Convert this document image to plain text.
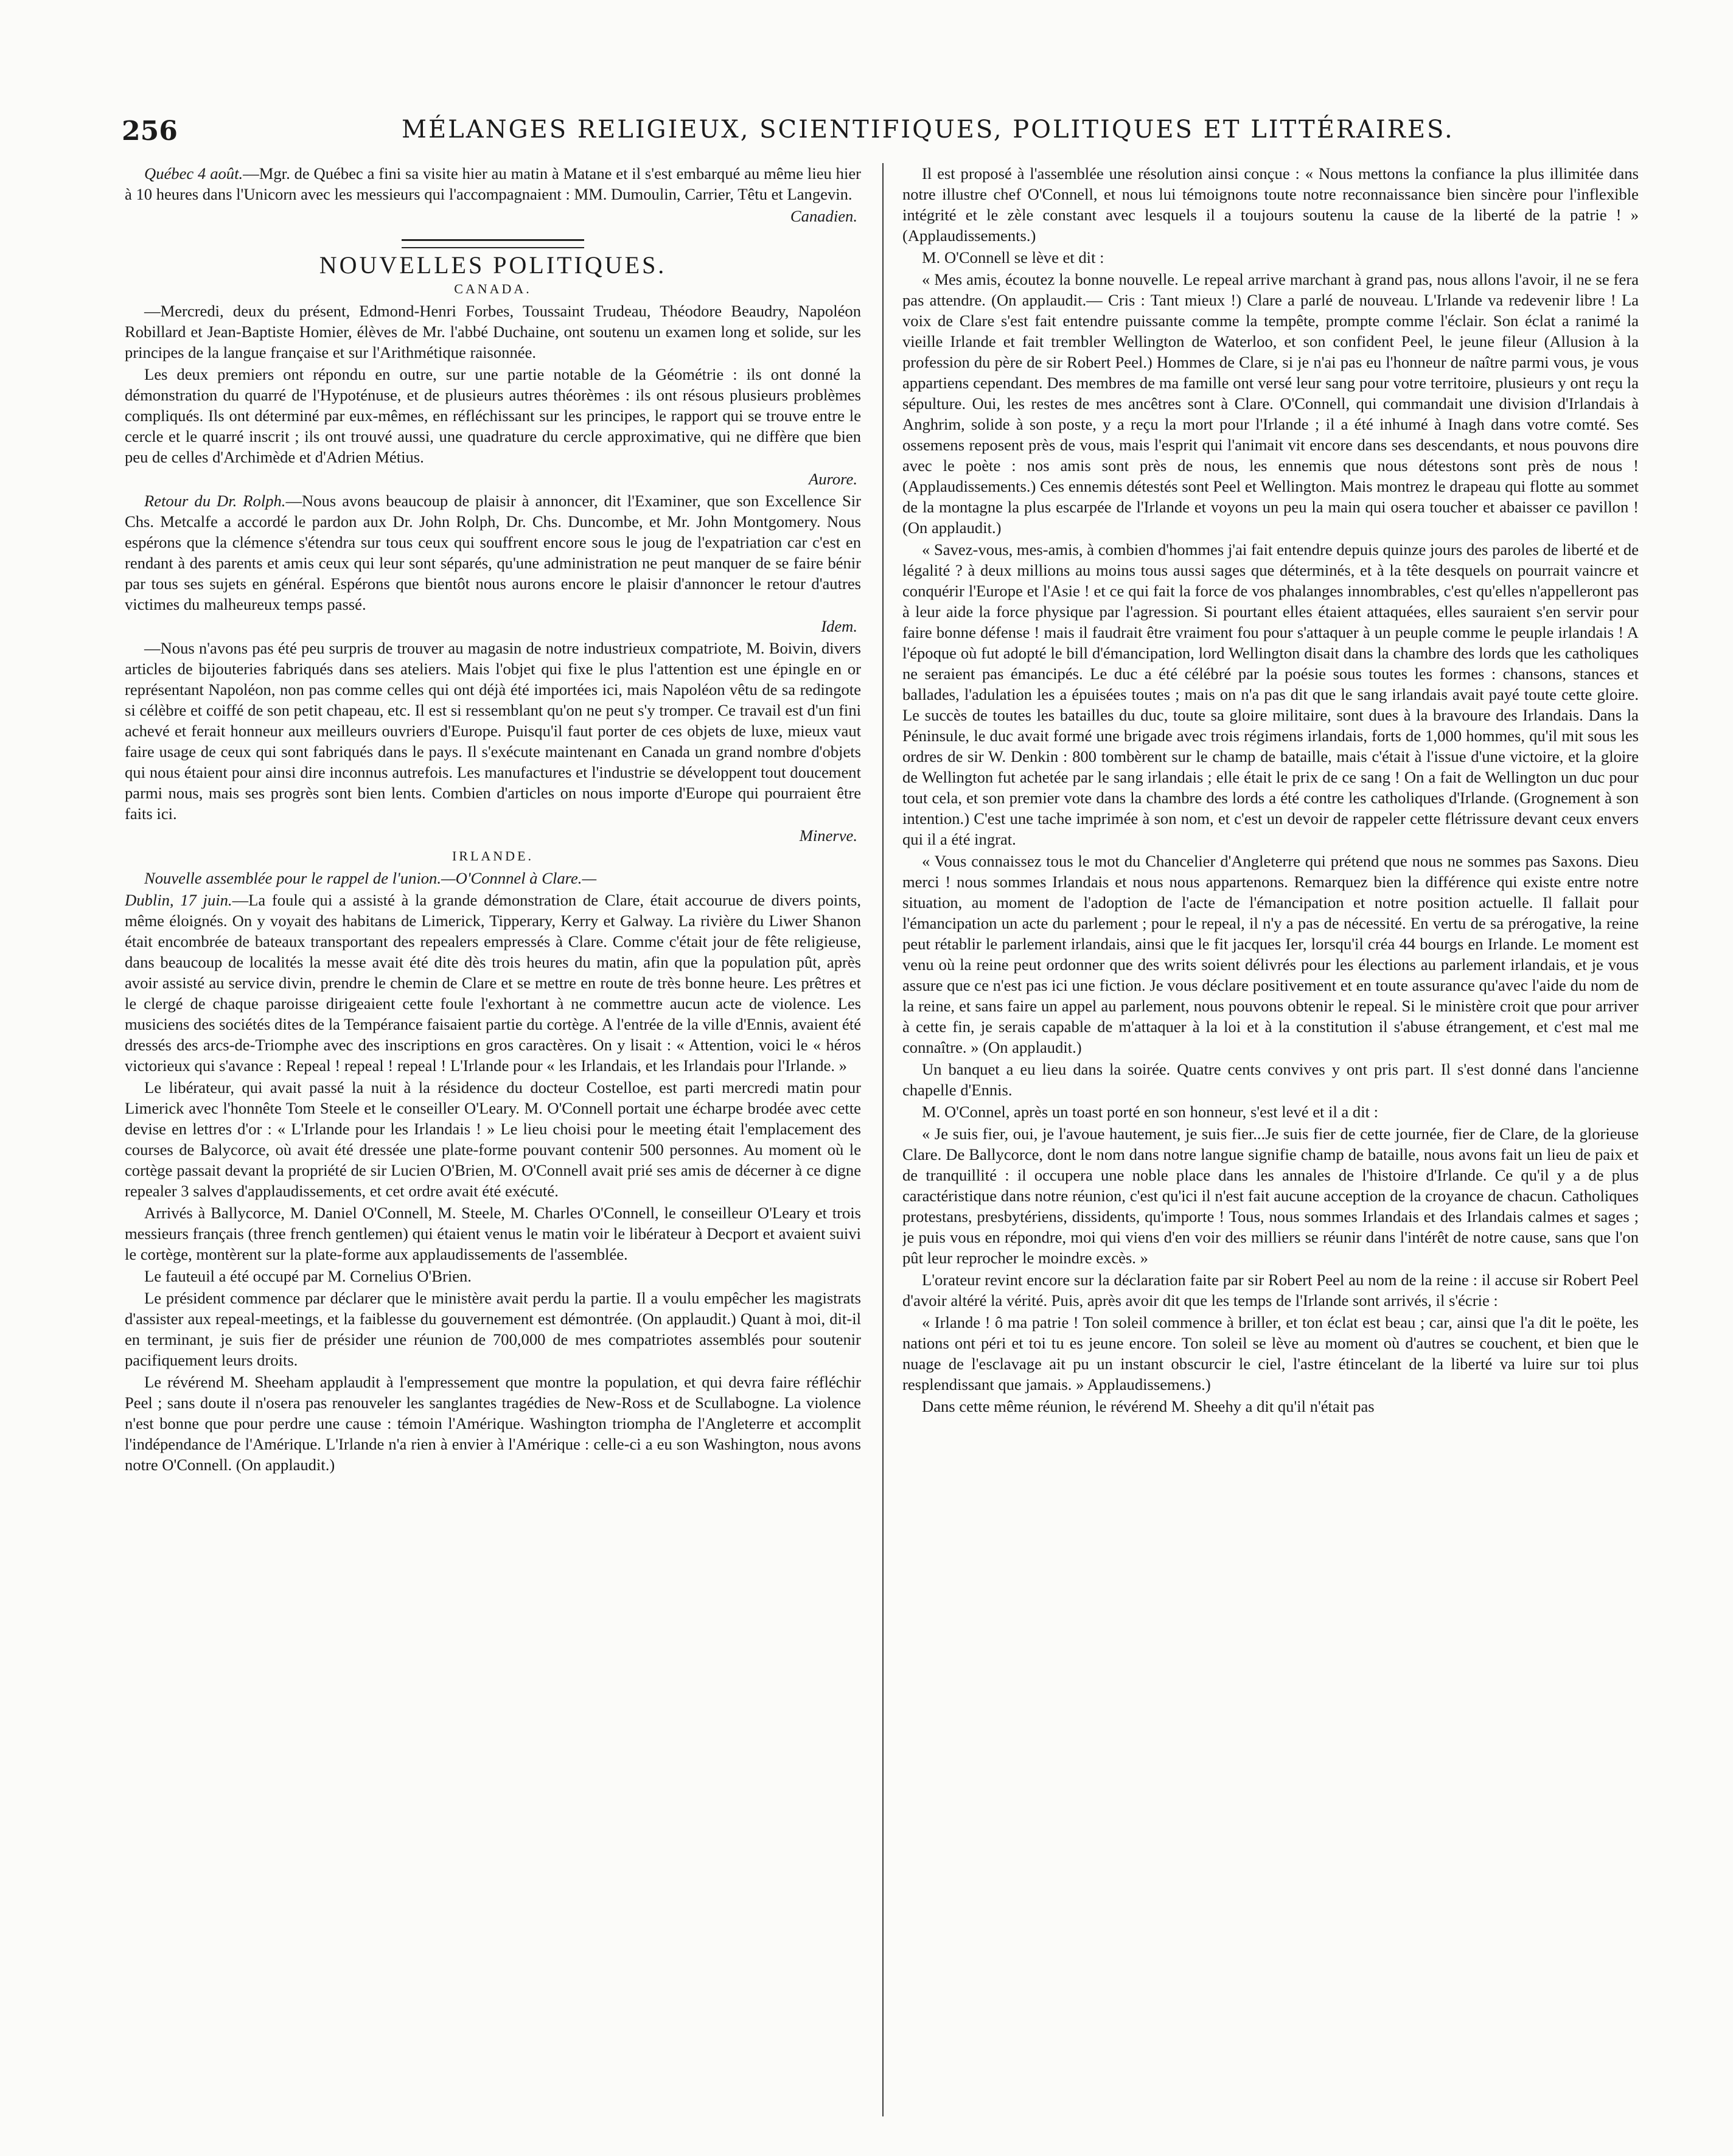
256	MÉLANGES RELIGIEUX, SCIENTIFIQUES, POLITIQUES ET LITTÉRAIRES.

Québec 4 août.—Mgr. de Québec a fini sa visite hier au matin à Matane et il s'est embarqué au même lieu hier à 10 heures dans l'Unicorn avec les messieurs qui l'accompagnaient : MM. Dumoulin, Carrier, Têtu et Langevin.

Canadien.
NOUVELLES POLITIQUES.
CANADA.

—Mercredi, deux du présent, Edmond-Henri Forbes, Toussaint Trudeau, Théodore Beaudry, Napoléon Robillard et Jean-Baptiste Homier, élèves de Mr. l'abbé Duchaine, ont soutenu un examen long et solide, sur les principes de la langue française et sur l'Arithmétique raisonnée.

Les deux premiers ont répondu en outre, sur une partie notable de la Géométrie : ils ont donné la démonstration du quarré de l'Hypoténuse, et de plusieurs autres théorèmes : ils ont résous plusieurs problèmes compliqués. Ils ont déterminé par eux-mêmes, en réfléchissant sur les principes, le rapport qui se trouve entre le cercle et le quarré inscrit ; ils ont trouvé aussi, une quadrature du cercle approximative, qui ne diffère que bien peu de celles d'Archimède et d'Adrien Métius.

Aurore.

Retour du Dr. Rolph.—Nous avons beaucoup de plaisir à annoncer, dit l'Examiner, que son Excellence Sir Chs. Metcalfe a accordé le pardon aux Dr. John Rolph, Dr. Chs. Duncombe, et Mr. John Montgomery. Nous espérons que la clémence s'étendra sur tous ceux qui souffrent encore sous le joug de l'expatriation car c'est en rendant à des parents et amis ceux qui leur sont séparés, qu'une administration ne peut manquer de se faire bénir par tous ses sujets en général. Espérons que bientôt nous aurons encore le plaisir d'annoncer le retour d'autres victimes du malheureux temps passé.

Idem.

—Nous n'avons pas été peu surpris de trouver au magasin de notre industrieux compatriote, M. Boivin, divers articles de bijouteries fabriqués dans ses ateliers. Mais l'objet qui fixe le plus l'attention est une épingle en or représentant Napoléon, non pas comme celles qui ont déjà été importées ici, mais Napoléon vêtu de sa redingote si célèbre et coiffé de son petit chapeau, etc. Il est si ressemblant qu'on ne peut s'y tromper. Ce travail est d'un fini achevé et ferait honneur aux meilleurs ouvriers d'Europe. Puisqu'il faut porter de ces objets de luxe, mieux vaut faire usage de ceux qui sont fabriqués dans le pays. Il s'exécute maintenant en Canada un grand nombre d'objets qui nous étaient pour ainsi dire inconnus autrefois. Les manufactures et l'industrie se développent tout doucement parmi nous, mais ses progrès sont bien lents. Combien d'articles on nous importe d'Europe qui pourraient être faits ici.

Minerve.
IRLANDE.

Nouvelle assemblée pour le rappel de l'union.—O'Connnel à Clare.—

Dublin, 17 juin.—La foule qui a assisté à la grande démonstration de Clare, était accourue de divers points, même éloignés. On y voyait des habitans de Limerick, Tipperary, Kerry et Galway. La rivière du Liwer Shanon était encombrée de bateaux transportant des repealers empressés à Clare. Comme c'était jour de fête religieuse, dans beaucoup de localités la messe avait été dite dès trois heures du matin, afin que la population pût, après avoir assisté au service divin, prendre le chemin de Clare et se mettre en route de très bonne heure. Les prêtres et le clergé de chaque paroisse dirigeaient cette foule l'exhortant à ne commettre aucun acte de violence. Les musiciens des sociétés dites de la Tempérance faisaient partie du cortège. A l'entrée de la ville d'Ennis, avaient été dressés des arcs-de-Triomphe avec des inscriptions en gros caractères. On y lisait : « Attention, voici le « héros victorieux qui s'avance : Repeal ! repeal ! repeal ! L'Irlande pour « les Irlandais, et les Irlandais pour l'Irlande. »

Le libérateur, qui avait passé la nuit à la résidence du docteur Costelloe, est parti mercredi matin pour Limerick avec l'honnête Tom Steele et le conseiller O'Leary. M. O'Connell portait une écharpe brodée avec cette devise en lettres d'or : « L'Irlande pour les Irlandais ! » Le lieu choisi pour le meeting était l'emplacement des courses de Balycorce, où avait été dressée une plate-forme pouvant contenir 500 personnes. Au moment où le cortège passait devant la propriété de sir Lucien O'Brien, M. O'Connell avait prié ses amis de décerner à ce digne repealer 3 salves d'applaudissements, et cet ordre avait été exécuté.

Arrivés à Ballycorce, M. Daniel O'Connell, M. Steele, M. Charles O'Connell, le conseilleur O'Leary et trois messieurs français (three french gentlemen) qui étaient venus le matin voir le libérateur à Decport et avaient suivi le cortège, montèrent sur la plate-forme aux applaudissements de l'assemblée.

Le fauteuil a été occupé par M. Cornelius O'Brien.

Le président commence par déclarer que le ministère avait perdu la partie. Il a voulu empêcher les magistrats d'assister aux repeal-meetings, et la faiblesse du gouvernement est démontrée. (On applaudit.) Quant à moi, dit-il en terminant, je suis fier de présider une réunion de 700,000 de mes compatriotes assemblés pour soutenir pacifiquement leurs droits.

Le révérend M. Sheeham applaudit à l'empressement que montre la population, et qui devra faire réfléchir Peel ; sans doute il n'osera pas renouveler les sanglantes tragédies de New-Ross et de Scullabogne. La violence n'est bonne que pour perdre une cause : témoin l'Amérique. Washington triompha de l'Angleterre et accomplit l'indépendance de l'Amérique. L'Irlande n'a rien à envier à l'Amérique : celle-ci a eu son Washington, nous avons notre O'Connell. (On applaudit.)

Il est proposé à l'assemblée une résolution ainsi conçue : « Nous mettons la confiance la plus illimitée dans notre illustre chef O'Connell, et nous lui témoignons toute notre reconnaissance bien sincère pour l'inflexible intégrité et le zèle constant avec lesquels il a toujours soutenu la cause de la liberté de la patrie ! » (Applaudissements.)

M. O'Connell se lève et dit :

« Mes amis, écoutez la bonne nouvelle. Le repeal arrive marchant à grand pas, nous allons l'avoir, il ne se fera pas attendre. (On applaudit.— Cris : Tant mieux !) Clare a parlé de nouveau. L'Irlande va redevenir libre ! La voix de Clare s'est fait entendre puissante comme la tempête, prompte comme l'éclair. Son éclat a ranimé la vieille Irlande et fait trembler Wellington de Waterloo, et son confident Peel, le jeune fileur (Allusion à la profession du père de sir Robert Peel.) Hommes de Clare, si je n'ai pas eu l'honneur de naître parmi vous, je vous appartiens cependant. Des membres de ma famille ont versé leur sang pour votre territoire, plusieurs y ont reçu la sépulture. Oui, les restes de mes ancêtres sont à Clare. O'Connell, qui commandait une division d'Irlandais à Anghrim, solide à son poste, y a reçu la mort pour l'Irlande ; il a été inhumé à Inagh dans votre comté. Ses ossemens reposent près de vous, mais l'esprit qui l'animait vit encore dans ses descendants, et nous pouvons dire avec le poète : nos amis sont près de nous, les ennemis que nous détestons sont près de nous ! (Applaudissements.) Ces ennemis détestés sont Peel et Wellington. Mais montrez le drapeau qui flotte au sommet de la montagne la plus escarpée de l'Irlande et voyons un peu la main qui osera toucher et abaisser ce pavillon ! (On applaudit.)

« Savez-vous, mes-amis, à combien d'hommes j'ai fait entendre depuis quinze jours des paroles de liberté et de légalité ? à deux millions au moins tous aussi sages que déterminés, et à la tête desquels on pourrait vaincre et conquérir l'Europe et l'Asie ! et ce qui fait la force de vos phalanges innombrables, c'est qu'elles n'appelleront pas à leur aide la force physique par l'agression. Si pourtant elles étaient attaquées, elles sauraient s'en servir pour faire bonne défense ! mais il faudrait être vraiment fou pour s'attaquer à un peuple comme le peuple irlandais ! A l'époque où fut adopté le bill d'émancipation, lord Wellington disait dans la chambre des lords que les catholiques ne seraient pas émancipés. Le duc a été célébré par la poésie sous toutes les formes : chansons, stances et ballades, l'adulation les a épuisées toutes ; mais on n'a pas dit que le sang irlandais avait payé toute cette gloire. Le succès de toutes les batailles du duc, toute sa gloire militaire, sont dues à la bravoure des Irlandais. Dans la Péninsule, le duc avait formé une brigade avec trois régimens irlandais, forts de 1,000 hommes, qu'il mit sous les ordres de sir W. Denkin : 800 tombèrent sur le champ de bataille, mais c'était à l'issue d'une victoire, et la gloire de Wellington fut achetée par le sang irlandais ; elle était le prix de ce sang ! On a fait de Wellington un duc pour tout cela, et son premier vote dans la chambre des lords a été contre les catholiques d'Irlande. (Grognement à son intention.) C'est une tache imprimée à son nom, et c'est un devoir de rappeler cette flétrissure devant ceux envers qui il a été ingrat.

« Vous connaissez tous le mot du Chancelier d'Angleterre qui prétend que nous ne sommes pas Saxons. Dieu merci ! nous sommes Irlandais et nous nous appartenons. Remarquez bien la différence qui existe entre notre situation, au moment de l'adoption de l'acte de l'émancipation et notre position actuelle. Il fallait pour l'émancipation un acte du parlement ; pour le repeal, il n'y a pas de nécessité. En vertu de sa prérogative, la reine peut rétablir le parlement irlandais, ainsi que le fit jacques Ier, lorsqu'il créa 44 bourgs en Irlande. Le moment est venu où la reine peut ordonner que des writs soient délivrés pour les élections au parlement irlandais, et je vous assure que ce n'est pas ici une fiction. Je vous déclare positivement et en toute assurance qu'avec l'aide du nom de la reine, et sans faire un appel au parlement, nous pouvons obtenir le repeal. Si le ministère croit que pour arriver à cette fin, je serais capable de m'attaquer à la loi et à la constitution il s'abuse étrangement, et c'est mal me connaître. » (On applaudit.)

Un banquet a eu lieu dans la soirée. Quatre cents convives y ont pris part. Il s'est donné dans l'ancienne chapelle d'Ennis.

M. O'Connel, après un toast porté en son honneur, s'est levé et il a dit :

« Je suis fier, oui, je l'avoue hautement, je suis fier...Je suis fier de cette journée, fier de Clare, de la glorieuse Clare. De Ballycorce, dont le nom dans notre langue signifie champ de bataille, nous avons fait un lieu de paix et de tranquillité : il occupera une noble place dans les annales de l'histoire d'Irlande. Ce qu'il y a de plus caractéristique dans notre réunion, c'est qu'ici il n'est fait aucune acception de la croyance de chacun. Catholiques protestans, presbytériens, dissidents, qu'importe ! Tous, nous sommes Irlandais et des Irlandais calmes et sages ; je puis vous en répondre, moi qui viens d'en voir des milliers se réunir dans l'intérêt de notre cause, sans que l'on pût leur reprocher le moindre excès. »

L'orateur revint encore sur la déclaration faite par sir Robert Peel au nom de la reine : il accuse sir Robert Peel d'avoir altéré la vérité. Puis, après avoir dit que les temps de l'Irlande sont arrivés, il s'écrie :

« Irlande ! ô ma patrie ! Ton soleil commence à briller, et ton éclat est beau ; car, ainsi que l'a dit le poëte, les nations ont péri et toi tu es jeune encore. Ton soleil se lève au moment où d'autres se couchent, et bien que le nuage de l'esclavage ait pu un instant obscurcir le ciel, l'astre étincelant de la liberté va luire sur toi plus resplendissant que jamais. » Applaudissemens.)

Dans cette même réunion, le révérend M. Sheehy a dit qu'il n'était pas
